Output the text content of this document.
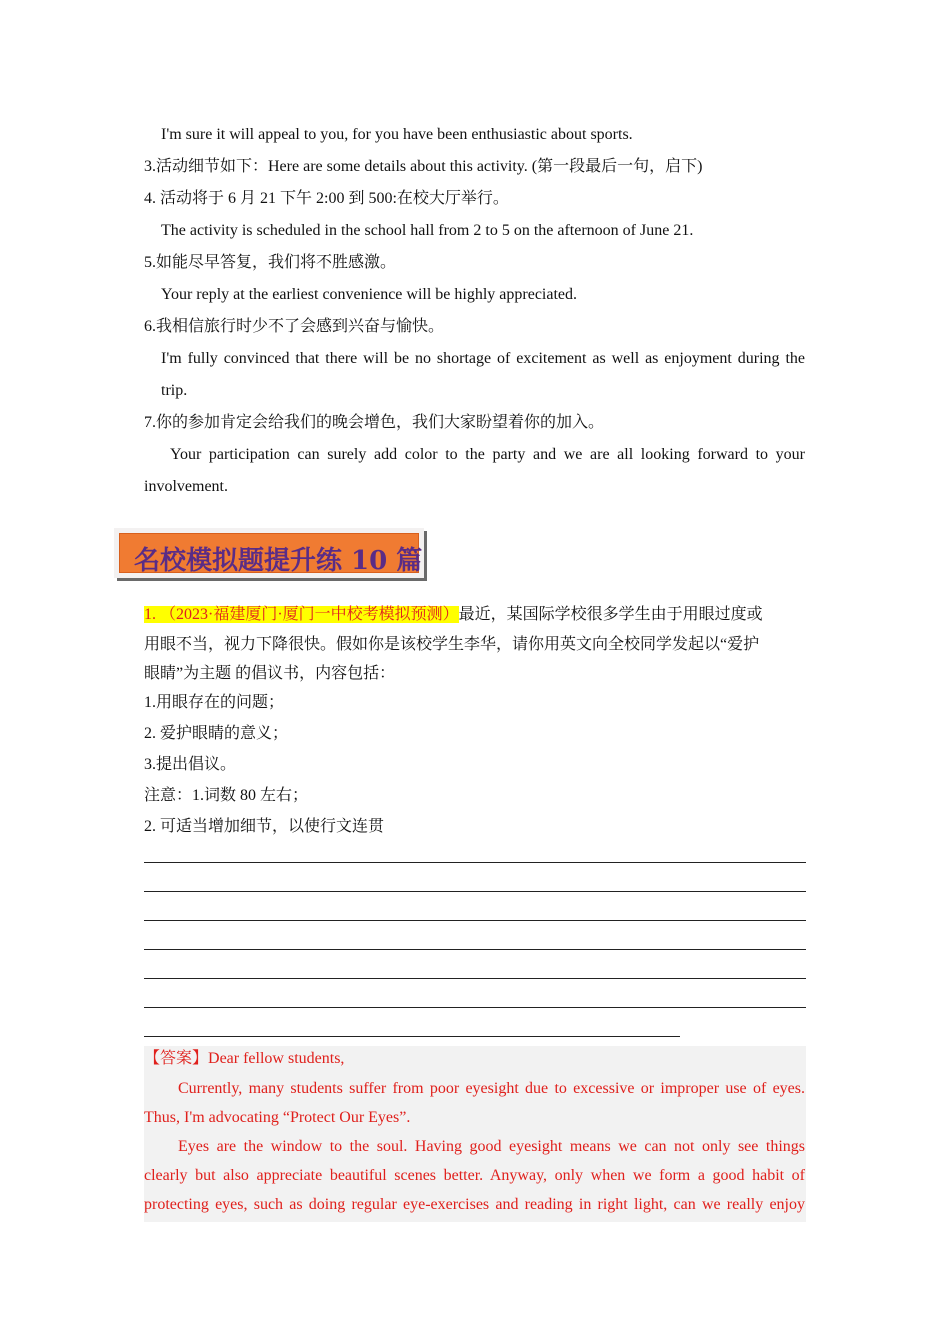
I'm sure it will appeal to you, for you have been enthusiastic about sports.
3.活动细节如下：Here are some details about this activity. (第一段最后一句，启下)
4. 活动将于 6 月 21 下午 2:00 到 500:在校大厅举行。
The activity is scheduled in the school hall from 2 to 5 on the afternoon of June 21.
5.如能尽早答复，我们将不胜感激。
Your reply at the earliest convenience will be highly appreciated.
6.我相信旅行时少不了会感到兴奋与愉快。
I'm fully convinced that there will be no shortage of excitement as well as enjoyment during the
trip.
7.你的参加肯定会给我们的晚会增色，我们大家盼望着你的加入。
Your participation can surely add color to the party and we are all looking forward to your
involvement.
名校模拟题提升练 10 篇
1. （2023·福建厦门·厦门一中校考模拟预测）最近，某国际学校很多学生由于用眼过度或
用眼不当，视力下降很快。假如你是该校学生李华，请你用英文向全校同学发起以“爱护
眼睛”为主题 的倡议书，内容包括：
1.用眼存在的问题；
2. 爱护眼睛的意义；
3.提出倡议。
注意：1.词数 80 左右；
2. 可适当增加细节，以使行文连贯
【答案】Dear fellow students,
Currently, many students suffer from poor eyesight due to excessive or improper use of eyes.
Thus, I'm advocating “Protect Our Eyes”.
Eyes are the window to the soul. Having good eyesight means we can not only see things
clearly but also appreciate beautiful scenes better. Anyway, only when we form a good habit of
protecting eyes, such as doing regular eye-exercises and reading in right light, can we really enjoy
